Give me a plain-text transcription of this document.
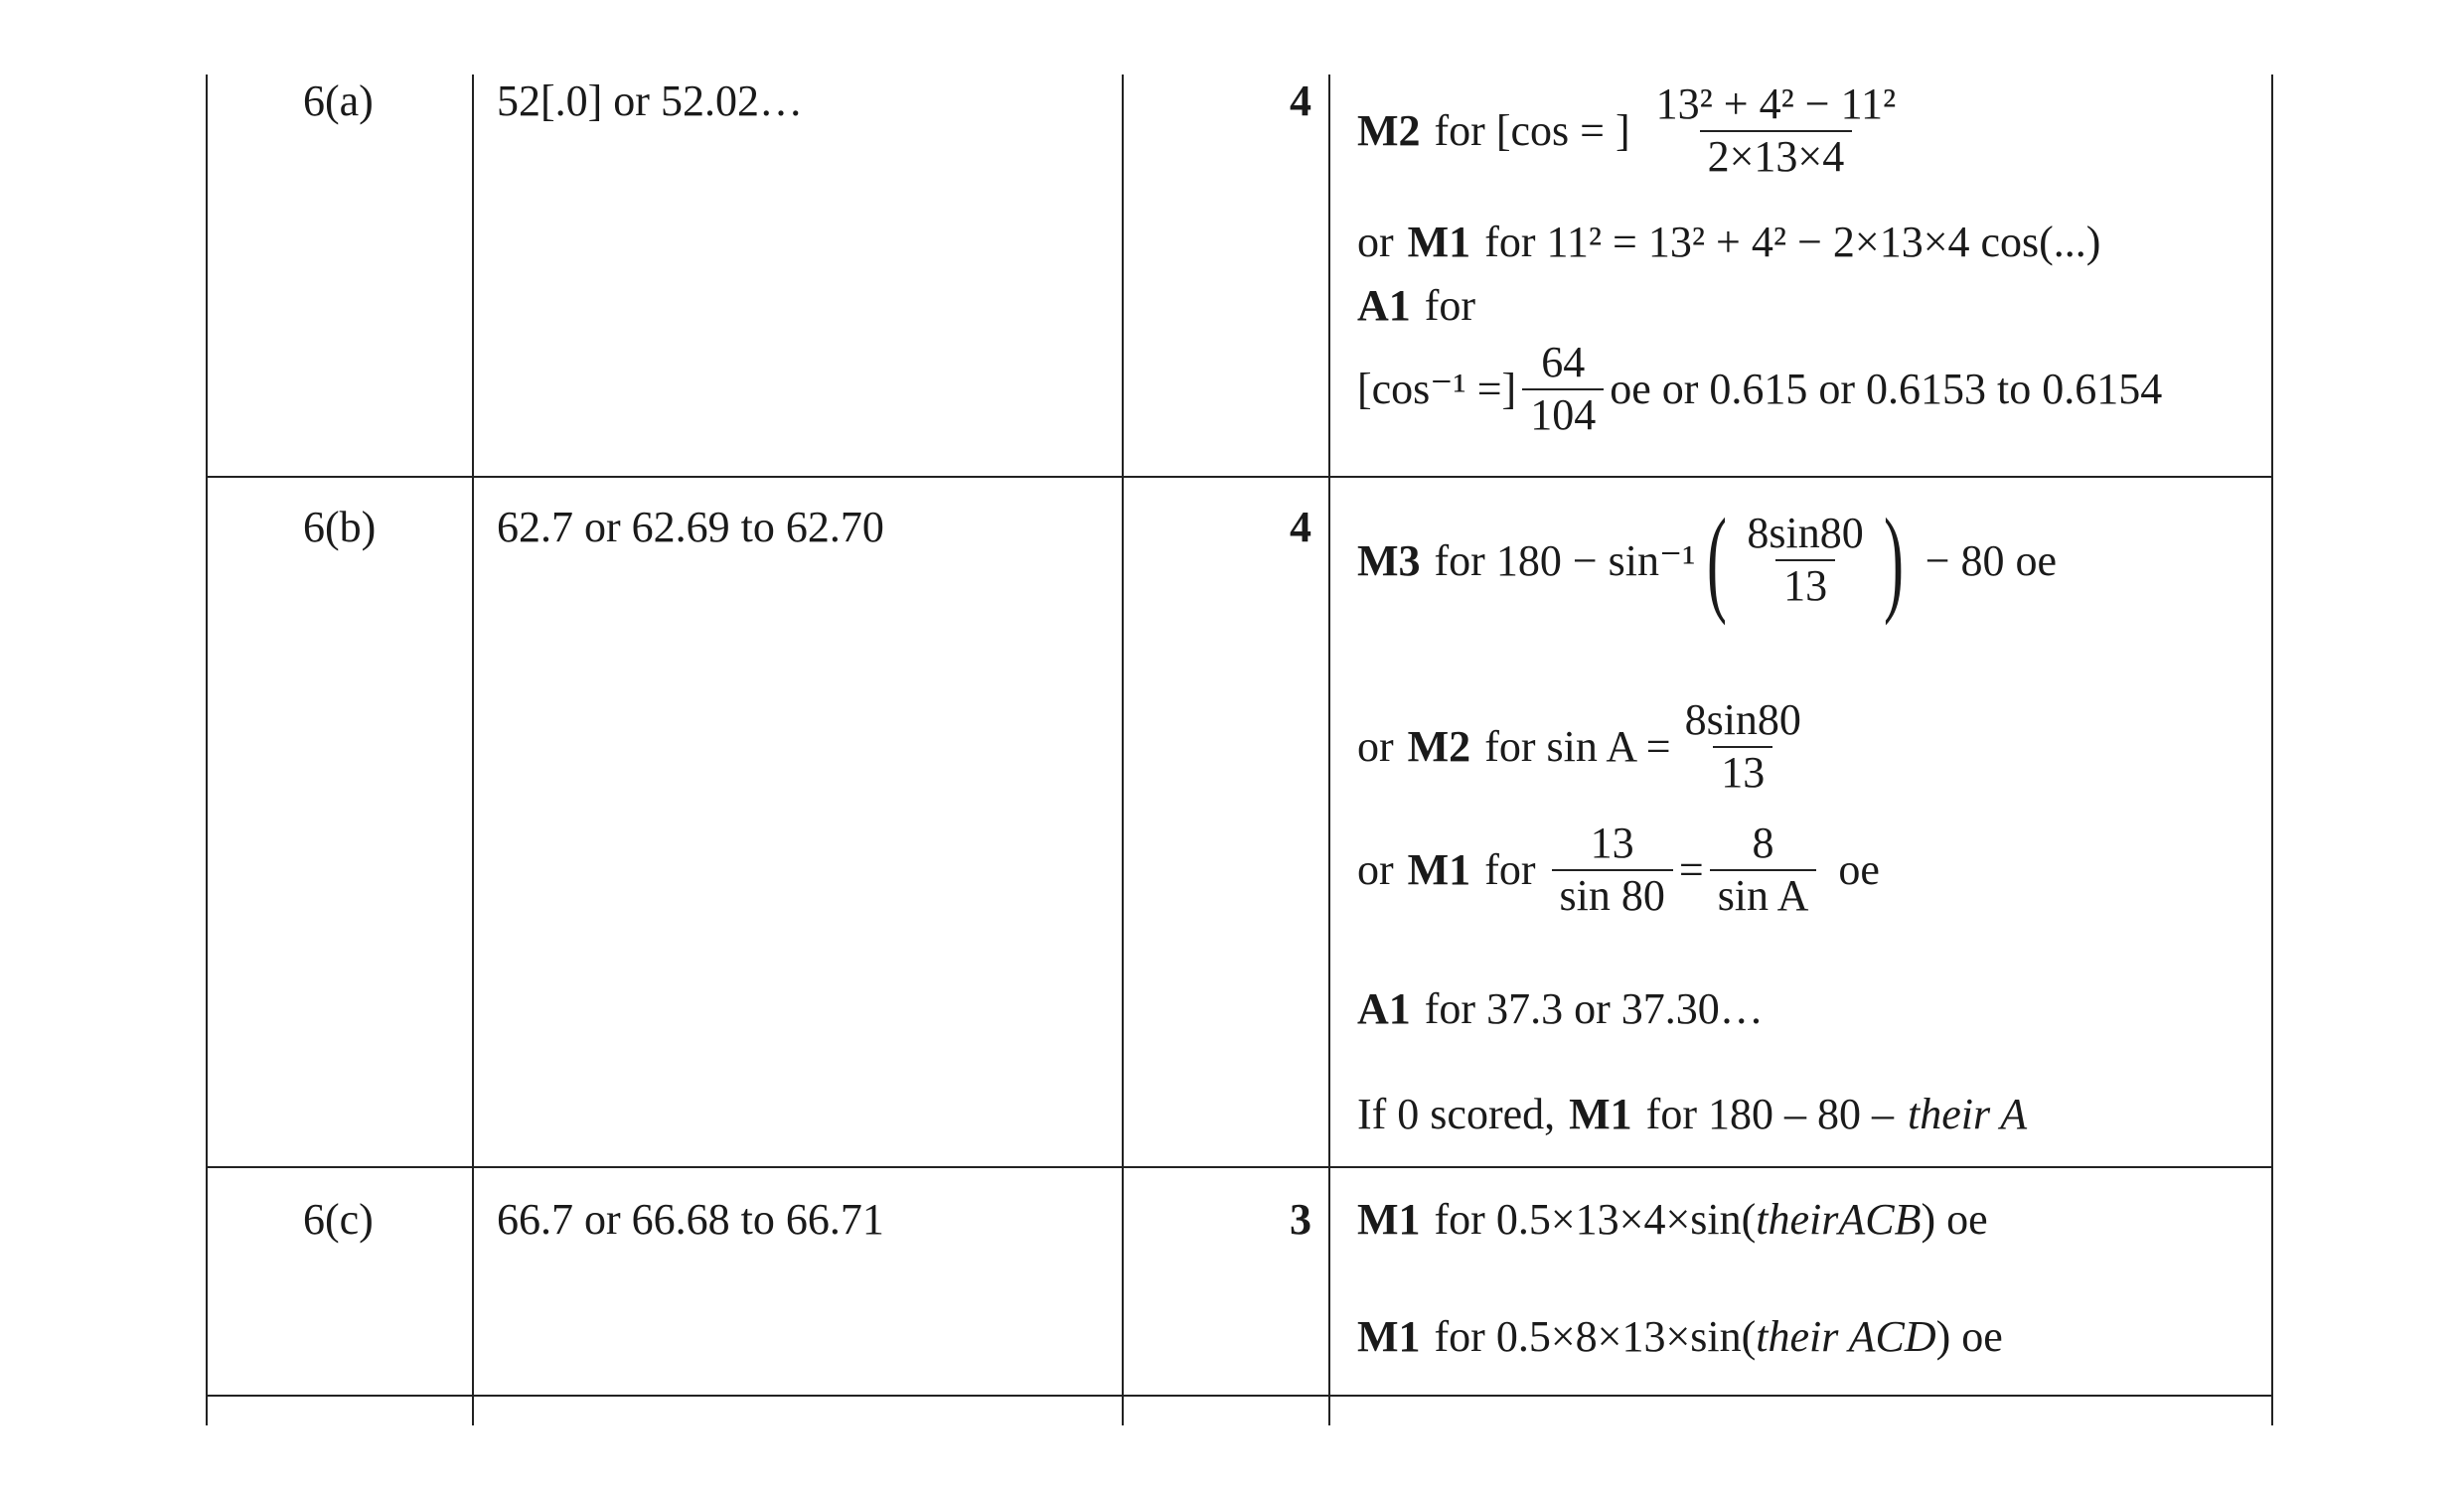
6(a)	52[.0] or 52.02…	4
M2 for [cos = ] $\frac{\text{13² + 4² − 11²}}{2\times 13\times 4}$
or M1 for 11² = 13² + 4² − 2×13×4 cos(...)
A1 for
[cos⁻¹ =] $\frac{64}{104}$ oe or 0.615 or 0.6153 to 0.6154
6(b)	62.7 or 62.69 to 62.70	4
M3 for 180 − sin⁻¹ ( $\frac{8\sin 80}{13}$ ) − 80 oe
or M2 for $\sin A = \frac{8\sin 80}{13}$
or M1 for $\frac{13}{\sin 80} = \frac{8}{\text{sin A}}$ oe
A1 for 37.3 or 37.30…
If 0 scored, M1 for 180 – 80 – their A
6(c)	66.7 or 66.68 to 66.71	3 M1 for 0.5×13×4×sin( theirACB ) oe
M1 for 0.5×8×13×sin( their ACD ) oe
